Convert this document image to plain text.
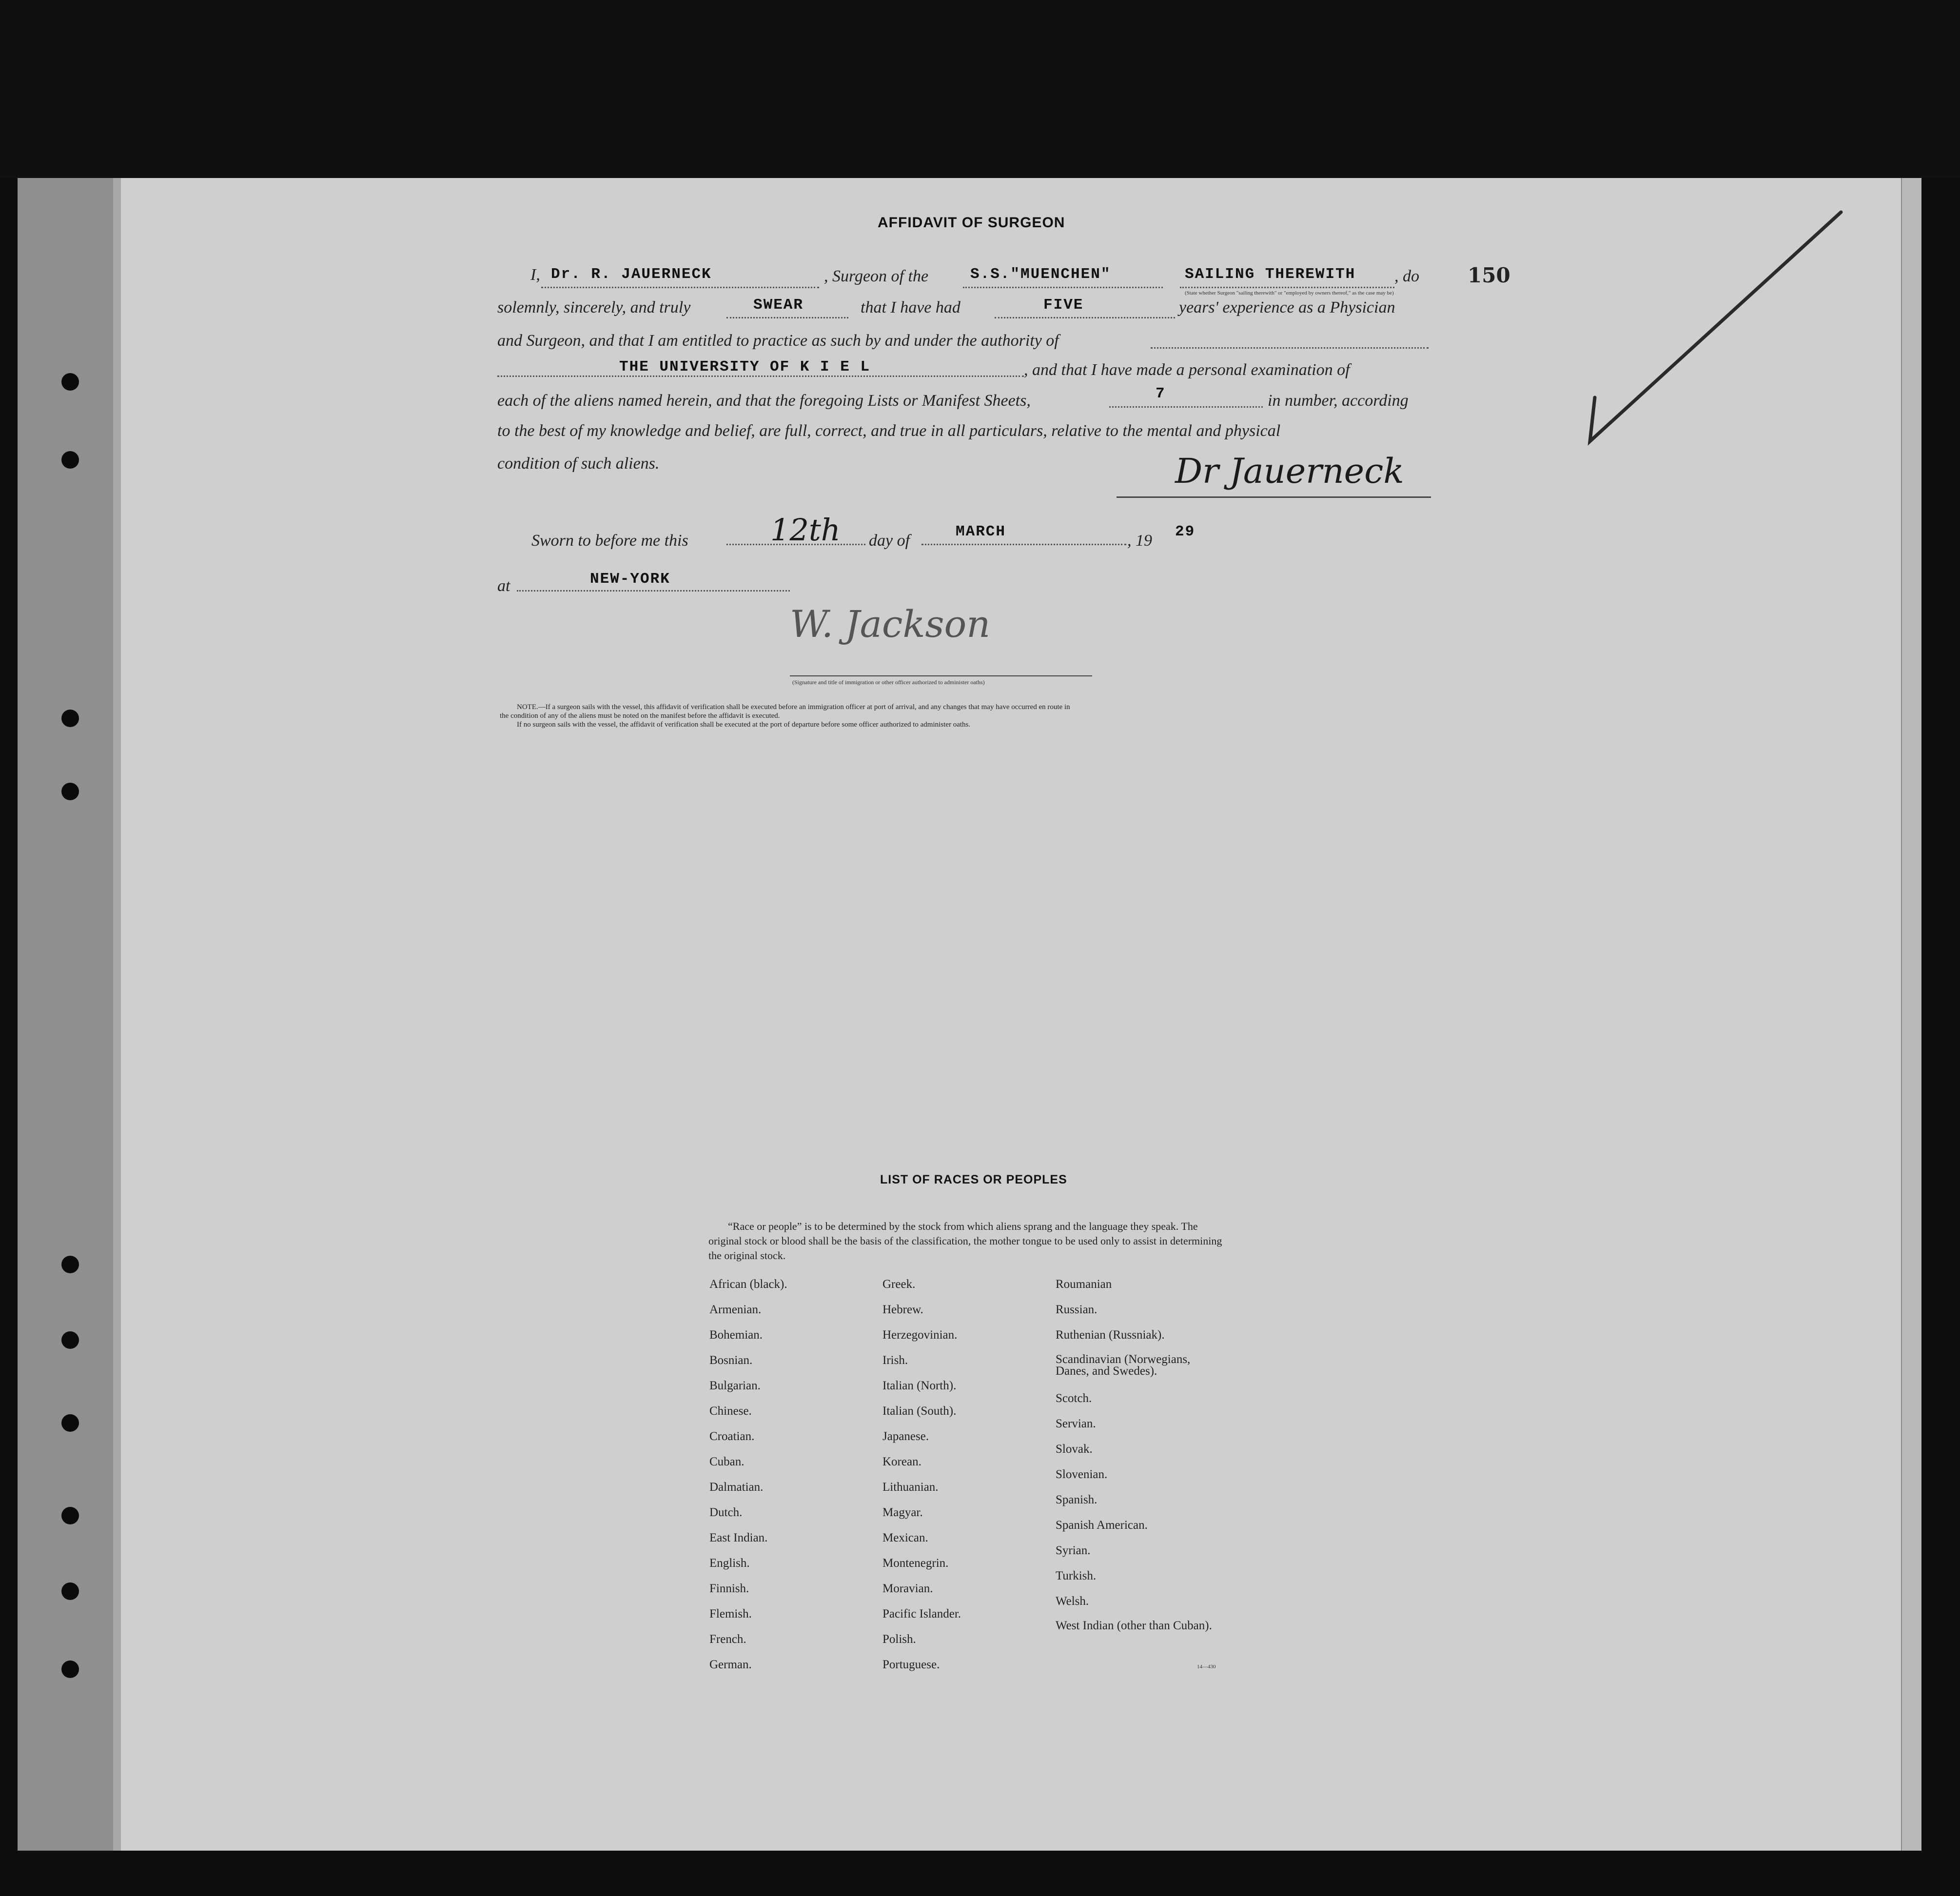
AFFIDAVIT OF SURGEON
150
I, Dr. R. JAUERNECK	, Surgeon of the	S.S."MUENCHEN"	SAILING THEREWITH , do
(State whether Surgeon "sailing therewith" or "employed by owners thereof," as the case may be)
solemnly, sincerely, and truly	SWEAR	that I have had	FIVE	years' experience as a Physician
and Surgeon, and that I am entitled to practice as such by and under the authority of
THE UNIVERSITY OF K I E L	, and that I have made a personal examination of
each of the aliens named herein, and that the foregoing Lists or Manifest Sheets,	7	in number, according
to the best of my knowledge and belief, are full, correct, and true in all particulars, relative to the mental and physical
condition of such aliens.	Dr Jauerneck
Sworn to before me this	12th day of	MARCH	, 19 29
at	NEW-YORK
W. Jackson
(Signature and title of immigration or other officer authorized to administer oaths)
NOTE.—If a surgeon sails with the vessel, this affidavit of verification shall be executed before an immigration officer at port of arrival, and any changes that may have occurred en route in
the condition of any of the aliens must be noted on the manifest before the affidavit is executed.
If no surgeon sails with the vessel, the affidavit of verification shall be executed at the port of departure before some officer authorized to administer oaths.
LIST OF RACES OR PEOPLES
“Race or people” is to be determined by the stock from which aliens sprang and the language they speak. The original stock or blood shall be the basis of the classification, the mother tongue to be used only to assist in determining the original stock.
African (black).
Armenian.
Bohemian.
Bosnian.
Bulgarian.
Chinese.
Croatian.
Cuban.
Dalmatian.
Dutch.
East Indian.
English.
Finnish.
Flemish.
French.
German.
Greek.
Hebrew.
Herzegovinian.
Irish.
Italian (North).
Italian (South).
Japanese.
Korean.
Lithuanian.
Magyar.
Mexican.
Montenegrin.
Moravian.
Pacific Islander.
Polish.
Portuguese.
Roumanian
Russian.
Ruthenian (Russniak).
Scandinavian (Norwegians, Danes, and Swedes).
Scotch.
Servian.
Slovak.
Slovenian.
Spanish.
Spanish American.
Syrian.
Turkish.
Welsh.
West Indian (other than Cuban).
14—430
